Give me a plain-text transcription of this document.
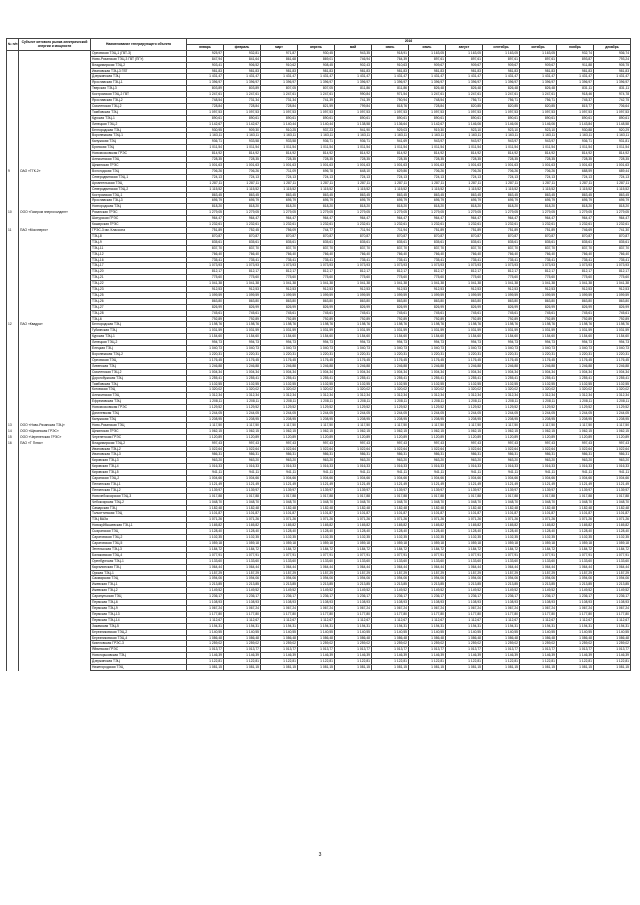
№ п/п	Субъект оптового рынка электрической энергии и мощности	Наименование генерирующего объекта	2016											
			январь	февраль	март	апрель	май	июнь	июль	август	сентябрь	октябрь	ноябрь	декабрь
		Орловская ТЭЦ-1 (ГВТ-3)	925,97	932,81	971,87	930,45	943,35	918,91	1 163,05	1 163,05	1 163,05	1 163,05	932,74	936,74
		Ново-Рязанская ТЭЦ-3 ГВТ (ПГУ)	847,94	841,64	861,68	869,01	746,94	764,39	897,61	897,61	897,61	897,61	893,87	793,24
		Владимирская ТЭЦ-2	903,41	906,52	910,62	908,45	902,43	910,63	909,67	909,67	909,67	909,67	911,88	905,75
		Ивановская ТЭЦ-3 ГВТ	981,83	981,83	981,83	981,83	981,83	981,83	981,83	981,83	981,83	981,83	981,83	981,83
		Дзержинская ТЭЦ	1 431,47	1 431,47	1 431,47	1 431,47	1 431,47	1 431,47	1 431,47	1 431,47	1 431,47	1 431,47	1 431,47	1 431,47
		Ярославская ТЭЦ-1	1 396,97	1 396,97	1 396,97	1 396,97	1 396,97	1 396,97	1 396,97	1 396,97	1 396,97	1 396,97	1 396,97	1 396,97
		Тверская ТЭЦ-3	803,89	803,89	807,05	807,05	811,86	811,86	826,48	826,48	826,48	826,48	831,11	831,11
		Костромская ТЭЦ-2 ГВТ	1 247,61	1 247,61	1 247,61	1 247,61	990,84	971,54	1 247,61	1 247,61	1 247,61	1 247,61	918,46	974,78
		Ярославская ТЭЦ-2	748,54	731,34	731,34	741,39	741,39	750,94	748,54	756,71	756,71	756,71	745,37	742,75
		Смоленская ТЭЦ-2	728,84	728,84	728,84	821,59	799,84	818,76	728,84	820,85	820,85	820,85	815,77	706,64
		Тамбовская ТЭЦ	1 097,53	1 097,53	1 097,53	1 097,53	1 097,53	1 097,53	1 097,53	1 097,53	1 097,53	1 097,53	1 097,53	1 097,53
		Курская ТЭЦ-1	890,61	890,61	890,61	890,61	890,61	890,61	890,61	890,61	890,61	890,61	890,61	890,61
		Липецкая ТЭЦ-2	1 142,67	1 142,67	1 140,44	1 140,44	1 138,58	1 136,64	1 142,67	1 146,06	1 146,06	1 146,06	1 143,84	1 148,58
		Белгородская ТЭЦ	930,95	909,30	910,25	937,23	941,90	929,03	919,30	923,10	923,10	923,10	930,88	920,29
		Воронежская ТЭЦ-1	1 163,11	1 163,11	1 163,11	1 163,11	1 163,11	1 163,11	1 163,11	1 163,11	1 163,11	1 163,11	1 163,11	1 163,11
		Калужская ТЭЦ	936,71	933,58	933,58	936,71	936,71	941,69	943,97	943,97	943,97	943,97	936,71	931,81
		Брянская ТЭЦ	1 011,54	1 011,54	1 011,54	1 011,54	1 011,54	1 011,54	1 011,54	1 011,54	1 011,54	1 011,54	1 011,54	1 011,54
		Новомосковская ГРЭС	814,92	814,92	814,92	814,92	814,92	814,92	814,92	814,92	814,92	814,92	814,92	814,92
		Алексинская ТЭЦ	728,35	728,35	728,35	728,35	728,35	728,35	728,35	728,35	728,35	728,35	728,35	728,35
		Щекинская ГРЭС	1 001,63	1 001,63	1 001,63	1 001,63	1 001,63	1 001,63	1 001,63	1 001,63	1 001,63	1 001,63	1 001,63	1 001,63
9	ОАО «ТГК-2»	Вологодская ТЭЦ	706,26	706,26	711,09	696,78	648,10	629,86	706,26	706,26	706,26	706,26	688,59	689,44
		Северодвинская ТЭЦ-1	724,13	724,13	724,13	724,13	724,13	724,13	724,13	724,13	724,13	724,13	724,13	724,13
		Архангельская ТЭЦ	1 287,11	1 287,11	1 287,11	1 287,11	1 287,11	1 287,11	1 287,11	1 287,11	1 287,11	1 287,11	1 287,11	1 287,11
		Северодвинская ТЭЦ-2	1 115,52	1 115,52	1 115,52	1 115,52	1 115,52	1 115,52	1 115,52	1 115,52	1 115,52	1 115,52	1 115,52	1 115,52
		Костромская ТЭЦ-1	863,45	863,45	863,45	863,45	863,45	863,45	863,45	863,45	863,45	863,45	863,45	863,45
		Ярославская ТЭЦ-3	695,79	695,79	695,79	695,79	695,79	695,79	695,79	695,79	695,79	695,79	695,79	695,79
		Новгородская ТЭЦ	818,20	818,20	818,20	818,20	818,20	818,20	818,20	818,20	818,20	818,20	818,20	818,20
10	ООО «Газпром энергохолдинг»	Рязанская ГРЭС	1 279,05	1 279,05	1 279,05	1 279,05	1 279,05	1 279,05	1 279,05	1 279,05	1 279,05	1 279,05	1 279,05	1 279,05
		Шатурская ГРЭС	964,47	964,47	964,47	964,47	964,47	964,47	964,47	964,47	964,47	964,47	964,47	964,47
		Каширская ГРЭС	1 232,61	1 232,61	1 232,61	1 232,61	1 232,61	1 232,61	1 232,61	1 232,61	1 232,61	1 232,61	1 232,61	1 232,61
11	ПАО «Мосэнерго»	ГРЭС-3 им. Классона	751,89	752,45	756,09	744,77	711,94	711,94	751,89	751,89	751,89	751,89	746,69	741,30
		ТЭЦ-8	870,87	870,87	870,87	870,87	870,87	870,87	870,87	870,87	870,87	870,87	870,87	870,87
		ТЭЦ-9	835,61	835,61	835,61	835,61	835,61	835,61	835,61	835,61	835,61	835,61	835,61	835,61
		ТЭЦ-11	837,70	837,70	837,70	837,70	837,70	837,70	837,70	837,70	837,70	837,70	837,70	837,70
		ТЭЦ-12	766,40	766,40	766,40	766,40	766,40	766,40	766,40	766,40	766,40	766,40	766,40	766,40
		ТЭЦ-16	735,41	735,41	735,41	735,41	735,41	735,41	735,41	735,41	735,41	735,41	735,41	735,41
		ТЭЦ-17	1 073,93	1 073,93	1 073,93	1 073,93	1 073,93	1 073,93	1 073,93	1 073,93	1 073,93	1 073,93	1 073,93	1 073,93
		ТЭЦ-20	812,17	812,17	812,17	812,17	812,17	812,17	812,17	812,17	812,17	812,17	812,17	812,17
		ТЭЦ-21	775,60	775,60	775,60	775,60	775,60	775,60	775,60	775,60	775,60	775,60	775,60	775,60
		ТЭЦ-22	1 041,38	1 041,38	1 041,38	1 041,38	1 041,38	1 041,38	1 041,38	1 041,38	1 041,38	1 041,38	1 041,38	1 041,38
		ТЭЦ-23	912,53	912,53	912,53	912,53	912,53	912,53	912,53	912,53	912,53	912,53	912,53	912,53
		ТЭЦ-25	1 099,59	1 099,59	1 099,59	1 099,59	1 099,59	1 099,59	1 099,59	1 099,59	1 099,59	1 099,59	1 099,59	1 099,59
		ТЭЦ-26	863,80	863,80	863,80	863,80	863,80	863,80	863,80	863,80	863,80	863,80	863,80	863,80
		ТЭЦ-27	826,99	826,99	826,99	826,99	826,99	826,99	826,99	826,99	826,99	826,99	826,99	826,99
		ТЭЦ-28	745,61	745,61	745,61	745,61	745,61	745,61	745,61	745,61	745,61	745,61	745,61	745,61
		ТЭЦ-6	792,89	792,89	792,89	792,89	792,89	792,89	792,89	792,89	792,89	792,89	792,89	792,89
12	ПАО «Квадра»	Белгородская ТЭЦ	1 198,76	1 198,76	1 198,76	1 198,76	1 198,76	1 198,76	1 198,76	1 198,76	1 198,76	1 198,76	1 198,76	1 198,76
		Губкинская ТЭЦ	1 031,59	1 031,59	1 031,59	1 031,59	1 031,59	1 031,59	1 031,59	1 031,59	1 031,59	1 031,59	1 031,59	1 031,59
		Курская ТЭЦ-1	1 154,60	1 154,60	1 154,60	1 154,60	1 154,60	1 154,60	1 154,60	1 154,60	1 154,60	1 154,60	1 154,60	1 154,60
		Липецкая ТЭЦ-2	994,73	994,73	994,73	994,73	994,73	994,73	994,73	994,73	994,73	994,73	994,73	994,73
		Елецкая ТЭЦ	1 040,73	1 040,73	1 040,73	1 040,73	1 040,73	1 040,73	1 040,73	1 040,73	1 040,73	1 040,73	1 040,73	1 040,73
		Воронежская ТЭЦ-2	1 220,31	1 220,31	1 220,31	1 220,31	1 220,31	1 220,31	1 220,31	1 220,31	1 220,31	1 220,31	1 220,31	1 220,31
		Орловская ТЭЦ	1 176,45	1 176,45	1 176,45	1 176,45	1 176,45	1 176,45	1 176,45	1 176,45	1 176,45	1 176,45	1 176,45	1 176,45
		Ливенская ТЭЦ	1 246,88	1 246,88	1 246,88	1 246,88	1 246,88	1 246,88	1 246,88	1 246,88	1 246,88	1 246,88	1 246,88	1 246,88
		Смоленская ТЭЦ-2	1 004,34	1 004,34	1 004,34	1 004,34	1 004,34	1 004,34	1 004,34	1 004,34	1 004,34	1 004,34	1 004,34	1 004,34
		Дорогобужская ТЭЦ	1 255,41	1 255,41	1 255,41	1 255,41	1 255,41	1 255,41	1 255,41	1 255,41	1 255,41	1 255,41	1 255,41	1 255,41
		Тамбовская ТЭЦ	1 102,55	1 102,55	1 102,55	1 102,55	1 102,55	1 102,55	1 102,55	1 102,55	1 102,55	1 102,55	1 102,55	1 102,55
		Котовская ТЭЦ	1 320,02	1 320,02	1 320,02	1 320,02	1 320,02	1 320,02	1 320,02	1 320,02	1 320,02	1 320,02	1 320,02	1 320,02
		Алексинская ТЭЦ	1 312,34	1 312,34	1 312,34	1 312,34	1 312,34	1 312,34	1 312,34	1 312,34	1 312,34	1 312,34	1 312,34	1 312,34
		Ефремовская ТЭЦ	1 208,11	1 208,11	1 208,11	1 208,11	1 208,11	1 208,11	1 208,11	1 208,11	1 208,11	1 208,11	1 208,11	1 208,11
		Новомосковская ГРЭС	1 129,52	1 129,52	1 129,52	1 129,52	1 129,52	1 129,52	1 129,52	1 129,52	1 129,52	1 129,52	1 129,52	1 129,52
		Дягилевская ТЭЦ	1 244,05	1 244,05	1 244,05	1 244,05	1 244,05	1 244,05	1 244,05	1 244,05	1 244,05	1 244,05	1 244,05	1 244,05
		Калужская ТЭЦ	1 208,95	1 208,95	1 208,95	1 208,95	1 208,95	1 208,95	1 208,95	1 208,95	1 208,95	1 208,95	1 208,95	1 208,95
13	ООО «Ново-Рязанская ТЭЦ»	Ново-Рязанская ТЭЦ	1 117,50	1 117,50	1 117,50	1 117,50	1 117,50	1 117,50	1 117,50	1 117,50	1 117,50	1 117,50	1 117,50	1 117,50
14	ООО «Щекинская ГРЭС»	Щекинская ГРЭС	1 062,15	1 062,15	1 062,15	1 062,15	1 062,15	1 062,15	1 062,15	1 062,15	1 062,15	1 062,15	1 062,15	1 062,15
15	ООО «Черепетская ГРЭС»	Черепетская ГРЭС	1 120,89	1 120,89	1 120,89	1 120,89	1 120,89	1 120,89	1 120,89	1 120,89	1 120,89	1 120,89	1 120,89	1 120,89
16	ПАО «Т Плюс»	Владимирская ТЭЦ-2	997,43	997,43	997,43	997,43	997,43	997,43	997,43	997,43	997,43	997,43	997,43	997,43
		Ивановская ТЭЦ-2	1 022,64	1 022,64	1 022,64	1 022,64	1 022,64	1 022,64	1 022,64	1 022,64	1 022,64	1 022,64	1 022,64	1 022,64
		Ивановская ТЭЦ-3	986,31	986,31	986,31	986,31	986,31	986,31	986,31	986,31	986,31	986,31	986,31	986,31
		Кировская ТЭЦ-3	963,20	963,20	963,20	963,20	963,20	963,20	963,20	963,20	963,20	963,20	963,20	963,20
		Кировская ТЭЦ-4	1 016,33	1 016,33	1 016,33	1 016,33	1 016,33	1 016,33	1 016,33	1 016,33	1 016,33	1 016,33	1 016,33	1 016,33
		Кировская ТЭЦ-5	941,11	941,11	941,11	941,11	941,11	941,11	941,11	941,11	941,11	941,11	941,11	941,11
		Саранская ТЭЦ-2	1 004,66	1 004,66	1 004,66	1 004,66	1 004,66	1 004,66	1 004,66	1 004,66	1 004,66	1 004,66	1 004,66	1 004,66
		Пензенская ТЭЦ-1	1 121,49	1 121,49	1 121,49	1 121,49	1 121,49	1 121,49	1 121,49	1 121,49	1 121,49	1 121,49	1 121,49	1 121,49
		Пензенская ТЭЦ-2	1 139,97	1 139,97	1 139,97	1 139,97	1 139,97	1 139,97	1 139,97	1 139,97	1 139,97	1 139,97	1 139,97	1 139,97
		Новочебоксарская ТЭЦ-3	1 017,88	1 017,88	1 017,88	1 017,88	1 017,88	1 017,88	1 017,88	1 017,88	1 017,88	1 017,88	1 017,88	1 017,88
		Чебоксарская ТЭЦ-2	1 048,70	1 048,70	1 048,70	1 048,70	1 048,70	1 048,70	1 048,70	1 048,70	1 048,70	1 048,70	1 048,70	1 048,70
		Самарская ТЭЦ	1 182,48	1 182,48	1 182,48	1 182,48	1 182,48	1 182,48	1 182,48	1 182,48	1 182,48	1 182,48	1 182,48	1 182,48
		Тольяттинская ТЭЦ	1 101,87	1 101,87	1 101,87	1 101,87	1 101,87	1 101,87	1 101,87	1 101,87	1 101,87	1 101,87	1 101,87	1 101,87
		ТЭЦ ВАЗа	1 071,26	1 071,26	1 071,26	1 071,26	1 071,26	1 071,26	1 071,26	1 071,26	1 071,26	1 071,26	1 071,26	1 071,26
		Новокуйбышевская ТЭЦ-1	1 165,82	1 165,82	1 165,82	1 165,82	1 165,82	1 165,82	1 165,82	1 165,82	1 165,82	1 165,82	1 165,82	1 165,82
		Сызранская ТЭЦ	1 128,40	1 128,40	1 128,40	1 128,40	1 128,40	1 128,40	1 128,40	1 128,40	1 128,40	1 128,40	1 128,40	1 128,40
		Саратовская ТЭЦ-2	1 102,35	1 102,35	1 102,35	1 102,35	1 102,35	1 102,35	1 102,35	1 102,35	1 102,35	1 102,35	1 102,35	1 102,35
		Саратовская ТЭЦ-5	1 059,18	1 059,18	1 059,18	1 059,18	1 059,18	1 059,18	1 059,18	1 059,18	1 059,18	1 059,18	1 059,18	1 059,18
		Энгельсская ТЭЦ-3	1 184,72	1 184,72	1 184,72	1 184,72	1 184,72	1 184,72	1 184,72	1 184,72	1 184,72	1 184,72	1 184,72	1 184,72
		Балаковская ТЭЦ-4	1 077,91	1 077,91	1 077,91	1 077,91	1 077,91	1 077,91	1 077,91	1 077,91	1 077,91	1 077,91	1 077,91	1 077,91
		Оренбургская ТЭЦ-1	1 133,60	1 133,60	1 133,60	1 133,60	1 133,60	1 133,60	1 133,60	1 133,60	1 133,60	1 133,60	1 133,60	1 133,60
		Каргалинская ТЭЦ	1 064,44	1 064,44	1 064,44	1 064,44	1 064,44	1 064,44	1 064,44	1 064,44	1 064,44	1 064,44	1 064,44	1 064,44
		Орская ТЭЦ-1	1 157,29	1 157,29	1 157,29	1 157,29	1 157,29	1 157,29	1 157,29	1 157,29	1 157,29	1 157,29	1 157,29	1 157,29
		Сакмарская ТЭЦ	1 094,06	1 094,06	1 094,06	1 094,06	1 094,06	1 094,06	1 094,06	1 094,06	1 094,06	1 094,06	1 094,06	1 094,06
		Ижевская ТЭЦ-1	1 213,85	1 213,85	1 213,85	1 213,85	1 213,85	1 213,85	1 213,85	1 213,85	1 213,85	1 213,85	1 213,85	1 213,85
		Ижевская ТЭЦ-2	1 149,52	1 149,52	1 149,52	1 149,52	1 149,52	1 149,52	1 149,52	1 149,52	1 149,52	1 149,52	1 149,52	1 149,52
		Сарапульская ТЭЦ	1 236,17	1 236,17	1 236,17	1 236,17	1 236,17	1 236,17	1 236,17	1 236,17	1 236,17	1 236,17	1 236,17	1 236,17
		Пермская ТЭЦ-6	1 108,93	1 108,93	1 108,93	1 108,93	1 108,93	1 108,93	1 108,93	1 108,93	1 108,93	1 108,93	1 108,93	1 108,93
		Пермская ТЭЦ-9	1 067,24	1 067,24	1 067,24	1 067,24	1 067,24	1 067,24	1 067,24	1 067,24	1 067,24	1 067,24	1 067,24	1 067,24
		Пермская ТЭЦ-13	1 177,80	1 177,80	1 177,80	1 177,80	1 177,80	1 177,80	1 177,80	1 177,80	1 177,80	1 177,80	1 177,80	1 177,80
		Пермская ТЭЦ-14	1 112,67	1 112,67	1 112,67	1 112,67	1 112,67	1 112,67	1 112,67	1 112,67	1 112,67	1 112,67	1 112,67	1 112,67
		Закамская ТЭЦ-5	1 194,31	1 194,31	1 194,31	1 194,31	1 194,31	1 194,31	1 194,31	1 194,31	1 194,31	1 194,31	1 194,31	1 194,31
		Березниковская ТЭЦ-2	1 140,55	1 140,55	1 140,55	1 140,55	1 140,55	1 140,55	1 140,55	1 140,55	1 140,55	1 140,55	1 140,55	1 140,55
		Березниковская ТЭЦ-4	1 086,48	1 086,48	1 086,48	1 086,48	1 086,48	1 086,48	1 086,48	1 086,48	1 086,48	1 086,48	1 086,48	1 086,48
		Кизеловская ГРЭС-3	1 259,02	1 259,02	1 259,02	1 259,02	1 259,02	1 259,02	1 259,02	1 259,02	1 259,02	1 259,02	1 259,02	1 259,02
		Яйвинская ГРЭС	1 013,77	1 013,77	1 013,77	1 013,77	1 013,77	1 013,77	1 013,77	1 013,77	1 013,77	1 013,77	1 013,77	1 013,77
		Новогорьковская ТЭЦ	1 146,39	1 146,39	1 146,39	1 146,39	1 146,39	1 146,39	1 146,39	1 146,39	1 146,39	1 146,39	1 146,39	1 146,39
		Дзержинская ТЭЦ	1 122,81	1 122,81	1 122,81	1 122,81	1 122,81	1 122,81	1 122,81	1 122,81	1 122,81	1 122,81	1 122,81	1 122,81
		Нижегородская ТЭЦ	1 081,15	1 081,15	1 081,15	1 081,15	1 081,15	1 081,15	1 081,15	1 081,15	1 081,15	1 081,15	1 081,15	1 081,15
3
